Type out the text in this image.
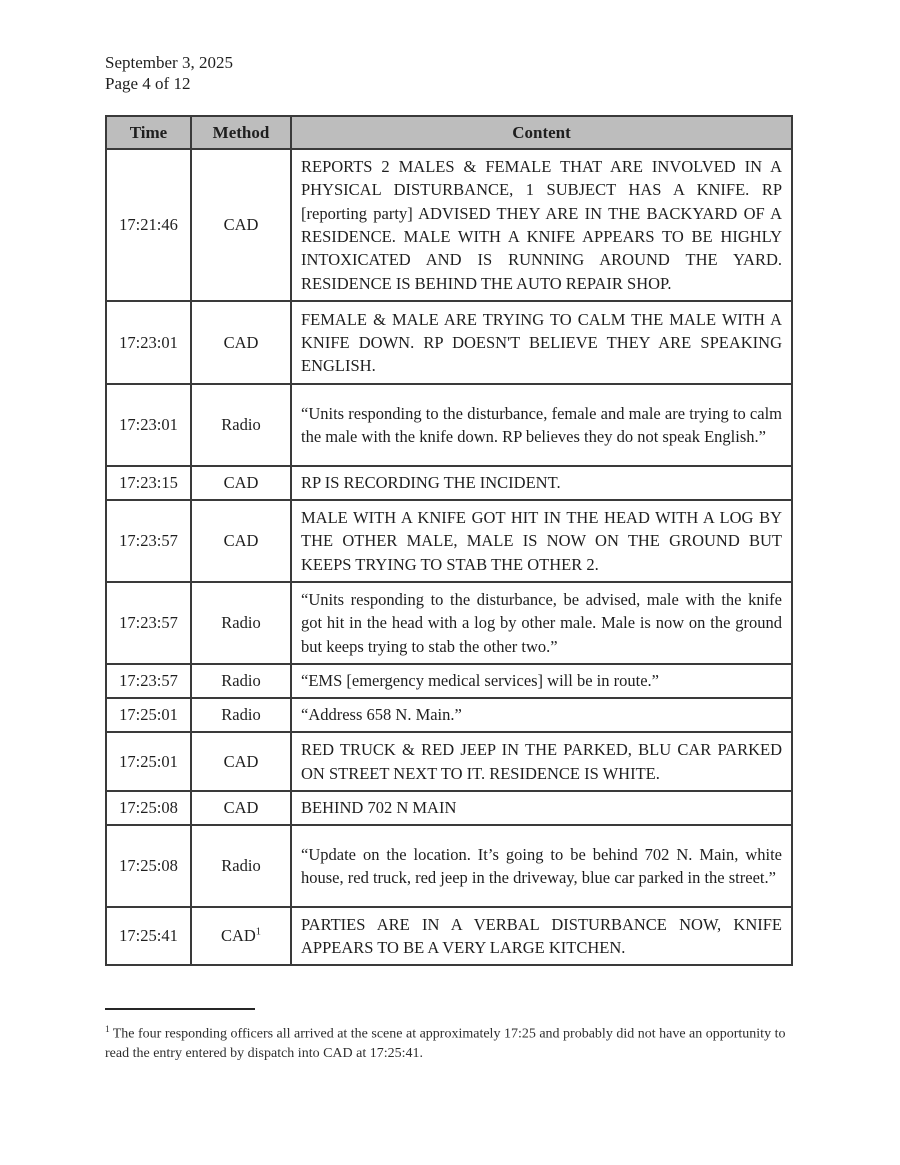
September 3, 2025
Page 4 of 12
Time	Method	Content
17:21:46	CAD	REPORTS 2 MALES & FEMALE THAT ARE INVOLVED IN A PHYSICAL DISTURBANCE, 1 SUBJECT HAS A KNIFE. RP [reporting party] ADVISED THEY ARE IN THE BACKYARD OF A RESIDENCE. MALE WITH A KNIFE APPEARS TO BE HIGHLY INTOXICATED AND IS RUNNING AROUND THE YARD. RESIDENCE IS BEHIND THE AUTO REPAIR SHOP.
17:23:01	CAD	FEMALE & MALE ARE TRYING TO CALM THE MALE WITH A KNIFE DOWN. RP DOESN'T BELIEVE THEY ARE SPEAKING ENGLISH.
17:23:01	Radio	“Units responding to the disturbance, female and male are trying to calm the male with the knife down. RP believes they do not speak English.”
17:23:15	CAD	RP IS RECORDING THE INCIDENT.
17:23:57	CAD	MALE WITH A KNIFE GOT HIT IN THE HEAD WITH A LOG BY THE OTHER MALE, MALE IS NOW ON THE GROUND BUT KEEPS TRYING TO STAB THE OTHER 2.
17:23:57	Radio	“Units responding to the disturbance, be advised, male with the knife got hit in the head with a log by other male. Male is now on the ground but keeps trying to stab the other two.”
17:23:57	Radio	“EMS [emergency medical services] will be in route.”
17:25:01	Radio	“Address 658 N. Main.”
17:25:01	CAD	RED TRUCK & RED JEEP IN THE PARKED, BLU CAR PARKED ON STREET NEXT TO IT. RESIDENCE IS WHITE.
17:25:08	CAD	BEHIND 702 N MAIN
17:25:08	Radio	“Update on the location. It’s going to be behind 702 N. Main, white house, red truck, red jeep in the driveway, blue car parked in the street.”
17:25:41	CAD$^1$	PARTIES ARE IN A VERBAL DISTURBANCE NOW, KNIFE APPEARS TO BE A VERY LARGE KITCHEN.
$^1$ The four responding officers all arrived at the scene at approximately 17:25 and probably did not have an opportunity to read the entry entered by dispatch into CAD at 17:25:41.
